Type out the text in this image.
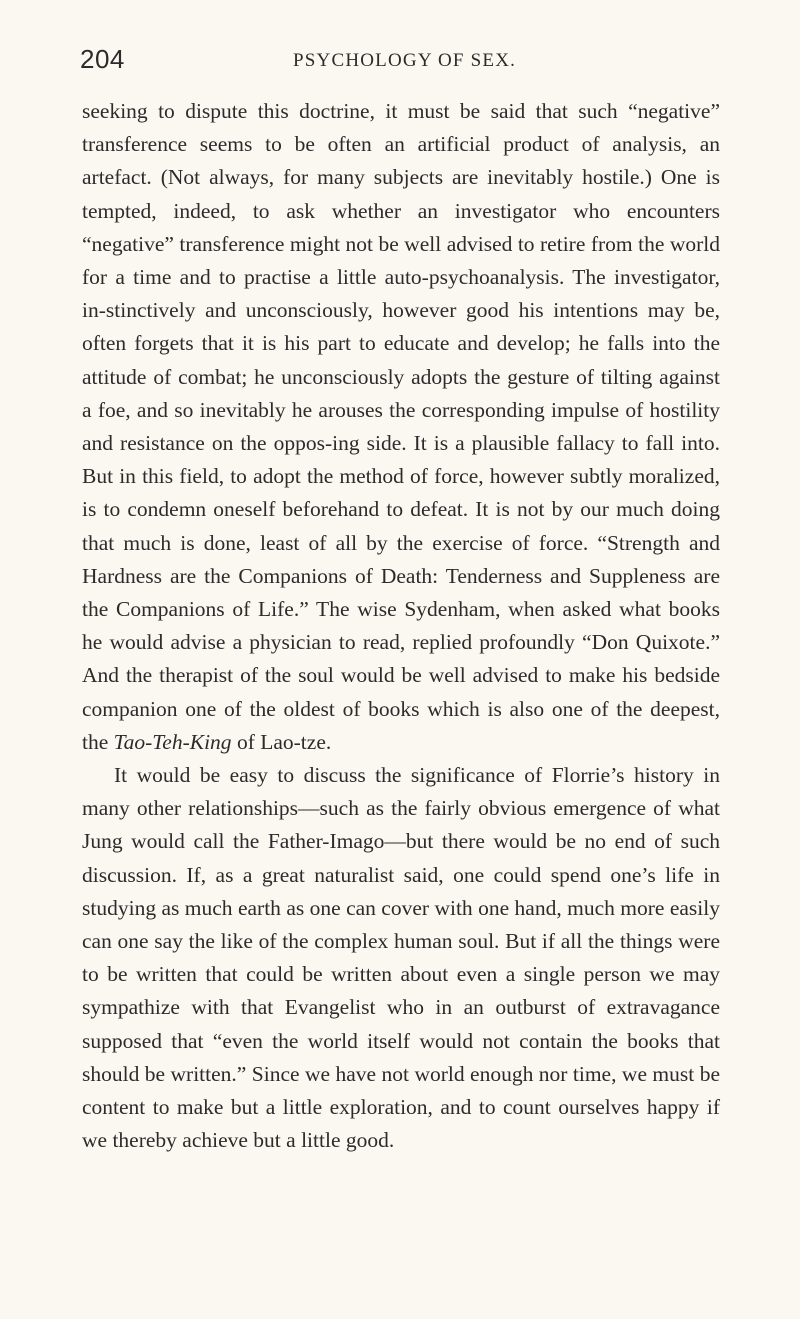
204	PSYCHOLOGY OF SEX.

seeking to dispute this doctrine, it must be said that such “negative” transference seems to be often an artificial product of analysis, an artefact. (Not always, for many subjects are inevitably hostile.) One is tempted, indeed, to ask whether an investigator who encounters “negative” transference might not be well advised to retire from the world for a time and to practise a little auto-psychoanalysis. The investigator, in-stinctively and unconsciously, however good his intentions may be, often forgets that it is his part to educate and develop; he falls into the attitude of combat; he unconsciously adopts the gesture of tilting against a foe, and so inevitably he arouses the corresponding impulse of hostility and resistance on the oppos-ing side. It is a plausible fallacy to fall into. But in this field, to adopt the method of force, however subtly moralized, is to condemn oneself beforehand to defeat. It is not by our much doing that much is done, least of all by the exercise of force. “Strength and Hardness are the Companions of Death: Tenderness and Suppleness are the Companions of Life.” The wise Sydenham, when asked what books he would advise a physician to read, replied profoundly “Don Quixote.” And the therapist of the soul would be well advised to make his bedside companion one of the oldest of books which is also one of the deepest, the Tao-Teh-King of Lao-tze.

It would be easy to discuss the significance of Florrie’s history in many other relationships—such as the fairly obvious emergence of what Jung would call the Father-Imago—but there would be no end of such discussion. If, as a great naturalist said, one could spend one’s life in studying as much earth as one can cover with one hand, much more easily can one say the like of the complex human soul. But if all the things were to be written that could be written about even a single person we may sympathize with that Evangelist who in an outburst of extravagance supposed that “even the world itself would not contain the books that should be written.” Since we have not world enough nor time, we must be content to make but a little exploration, and to count ourselves happy if we thereby achieve but a little good.
